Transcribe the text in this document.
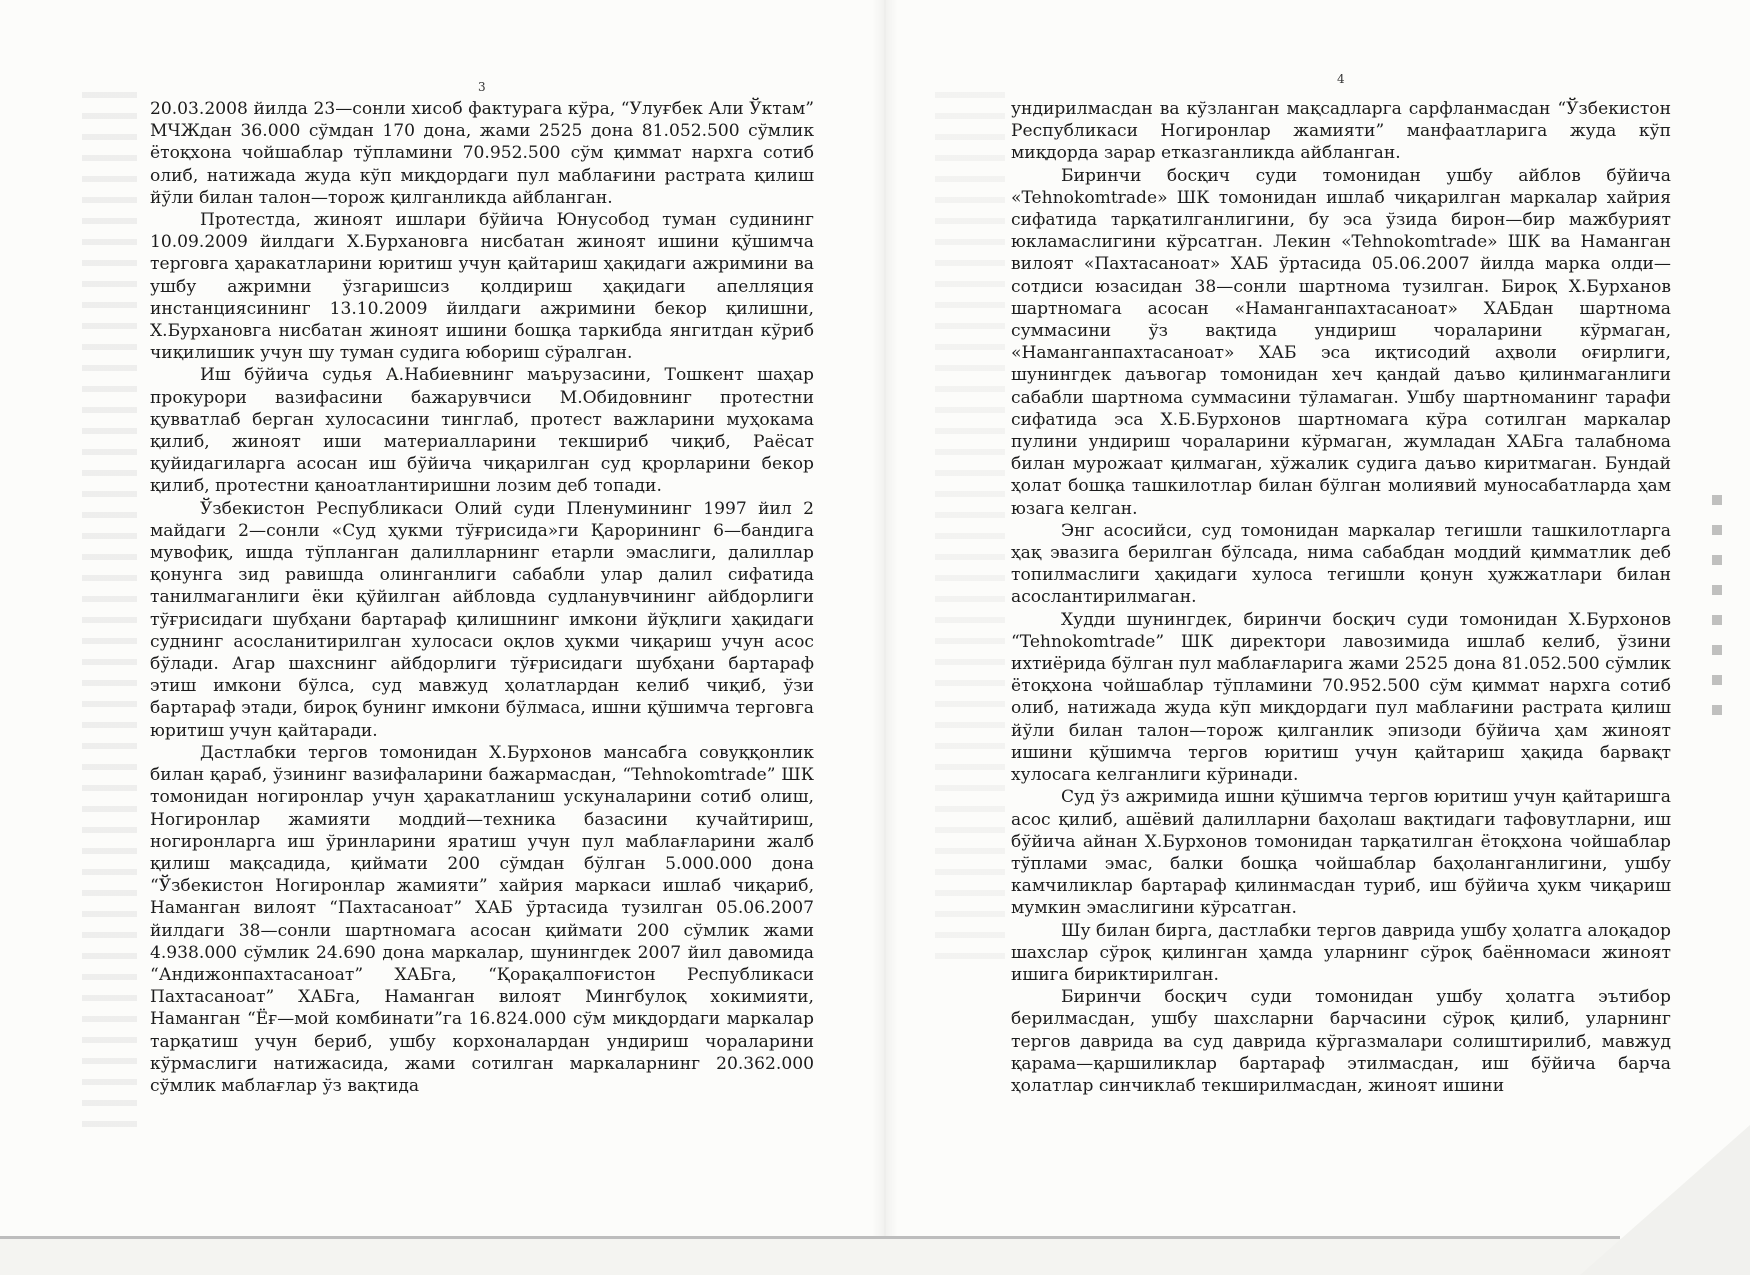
3

4

20.03.2008 йилда 23—сонли хисоб фактурага кўра, “Улуғбек Али Ўктам” МЧЖдан 36.000 сўмдан 170 дона, жами 2525 дона 81.052.500 сўмлик ётоқхона чойшаблар тўпламини 70.952.500 сўм қиммат нархга сотиб олиб, натижада жуда кўп миқдордаги пул маблағини растрата қилиш йўли билан талон—торож қилганликда айбланган.

Протестда, жиноят ишлари бўйича Юнусобод туман судининг 10.09.2009 йилдаги Х.Бурхановга нисбатан жиноят ишини қўшимча терговга ҳаракатларини юритиш учун қайтариш ҳақидаги ажримини ва ушбу ажримни ўзгаришсиз қолдириш ҳақидаги апелляция инстанциясининг 13.10.2009 йилдаги ажримини бекор қилишни, Х.Бурхановга нисбатан жиноят ишини бошқа таркибда янгитдан кўриб чиқилишик учун шу туман судига юбориш сўралган.

Иш бўйича судья А.Набиевнинг маърузасини, Тошкент шаҳар прокурори вазифасини бажарувчиси М.Обидовнинг протестни қувватлаб берган хулосасини тинглаб, протест важларини муҳокама қилиб, жиноят иши материалларини текшириб чиқиб, Раёсат қуйидагиларга асосан иш бўйича чиқарилган суд қрорларини бекор қилиб, протестни қаноатлантиришни лозим деб топади.

Ўзбекистон Республикаси Олий суди Пленумининг 1997 йил 2 майдаги 2—сонли «Суд ҳукми тўғрисида»ги Қарорининг 6—бандига мувофиқ, ишда тўпланган далилларнинг етарли эмаслиги, далиллар қонунга зид равишда олинганлиги сабабли улар далил сифатида танилмаганлиги ёки қўйилган айбловда судланувчининг айбдорлиги тўғрисидаги шубҳани бартараф қилишнинг имкони йўқлиги ҳақидаги суднинг асосланитирилган хулосаси оқлов ҳукми чиқариш учун асос бўлади. Агар шахснинг айбдорлиги тўғрисидаги шубҳани бартараф этиш имкони бўлса, суд мавжуд ҳолатлардан келиб чиқиб, ўзи бартараф этади, бироқ бунинг имкони бўлмаса, ишни қўшимча терговга юритиш учун қайтаради.

Дастлабки тергов томонидан Х.Бурхонов мансабга совуққонлик билан қараб, ўзининг вазифаларини бажармасдан, “Tehnokomtrade” ШК томонидан ногиронлар учун ҳаракатланиш ускуналарини сотиб олиш, Ногиронлар жамияти моддий—техника базасини кучайтириш, ногиронларга иш ўринларини яратиш учун пул маблағларини жалб қилиш мақсадида, қиймати 200 сўмдан бўлган 5.000.000 дона “Ўзбекистон Ногиронлар жамияти” хайрия маркаси ишлаб чиқариб, Наманган вилоят “Пахтасаноат” ХАБ ўртасида тузилган 05.06.2007 йилдаги 38—сонли шартномага асосан қиймати 200 сўмлик жами 4.938.000 сўмлик 24.690 дона маркалар, шунингдек 2007 йил давомида “Андижонпахтасаноат” ХАБга, “Қорақалпоғистон Республикаси Пахтасаноат” ХАБга, Наманган вилоят Мингбулоқ хокимияти, Наманган “Ёғ—мой комбинати”га 16.824.000 сўм миқдордаги маркалар тарқатиш учун бериб, ушбу корхоналардан ундириш чораларини кўрмаслиги натижасида, жами сотилган маркаларнинг 20.362.000 сўмлик маблағлар ўз вақтида

ундирилмасдан ва кўзланган мақсадларга сарфланмасдан “Ўзбекистон Республикаси Ногиронлар жамияти” манфаатларига жуда кўп миқдорда зарар етказганликда айбланган.

Биринчи босқич суди томонидан ушбу айблов бўйича «Tehnokomtrade» ШК томонидан ишлаб чиқарилган маркалар хайрия сифатида тарқатилганлигини, бу эса ўзида бирон—бир мажбурият юкламаслигини кўрсатган. Лекин «Tehnokomtrade» ШК ва Наманган вилоят «Пахтасаноат» ХАБ ўртасида 05.06.2007 йилда марка олди—сотдиси юзасидан 38—сонли шартнома тузилган. Бироқ Х.Бурханов шартномага асосан «Наманганпахтасаноат» ХАБдан шартнома суммасини ўз вақтида ундириш чораларини кўрмаган, «Наманганпахтасаноат» ХАБ эса иқтисодий аҳволи оғирлиги, шунингдек даъвогар томонидан хеч қандай даъво қилинмаганлиги сабабли шартнома суммасини тўламаган. Ушбу шартноманинг тарафи сифатида эса Х.Б.Бурхонов шартномага кўра сотилган маркалар пулини ундириш чораларини кўрмаган, жумладан ХАБга талабнома билан мурожаат қилмаган, хўжалик судига даъво киритмаган. Бундай ҳолат бошқа ташкилотлар билан бўлган молиявий муносабатларда ҳам юзага келган.

Энг асосийси, суд томонидан маркалар тегишли ташкилотларга ҳақ эвазига берилган бўлсада, нима сабабдан моддий қимматлик деб топилмаслиги ҳақидаги хулоса тегишли қонун ҳужжатлари билан асослантирилмаган.

Худди шунингдек, биринчи босқич суди томонидан Х.Бурхонов “Tehnokomtrade” ШК директори лавозимида ишлаб келиб, ўзини ихтиёрида бўлган пул маблағларига жами 2525 дона 81.052.500 сўмлик ётоқхона чойшаблар тўпламини 70.952.500 сўм қиммат нархга сотиб олиб, натижада жуда кўп миқдордаги пул маблағини растрата қилиш йўли билан талон—торож қилганлик эпизоди бўйича ҳам жиноят ишини қўшимча тергов юритиш учун қайтариш ҳақида барвақт хулосага келганлиги кўринади.

Суд ўз ажримида ишни қўшимча тергов юритиш учун қайтаришга асос қилиб, ашёвий далилларни баҳолаш вақтидаги тафовутларни, иш бўйича айнан Х.Бурхонов томонидан тарқатилган ётоқхона чойшаблар тўплами эмас, балки бошқа чойшаблар баҳоланганлигини, ушбу камчиликлар бартараф қилинмасдан туриб, иш бўйича ҳукм чиқариш мумкин эмаслигини кўрсатган.

Шу билан бирга, дастлабки тергов даврида ушбу ҳолатга алоқадор шахслар сўроқ қилинган ҳамда уларнинг сўроқ баённомаси жиноят ишига бириктирилган.

Биринчи босқич суди томонидан ушбу ҳолатга эътибор берилмасдан, ушбу шахсларни барчасини сўроқ қилиб, уларнинг тергов даврида ва суд даврида кўргазмалари солиштирилиб, мавжуд қарама—қаршиликлар бартараф этилмасдан, иш бўйича барча ҳолатлар синчиклаб текширилмасдан, жиноят ишини
